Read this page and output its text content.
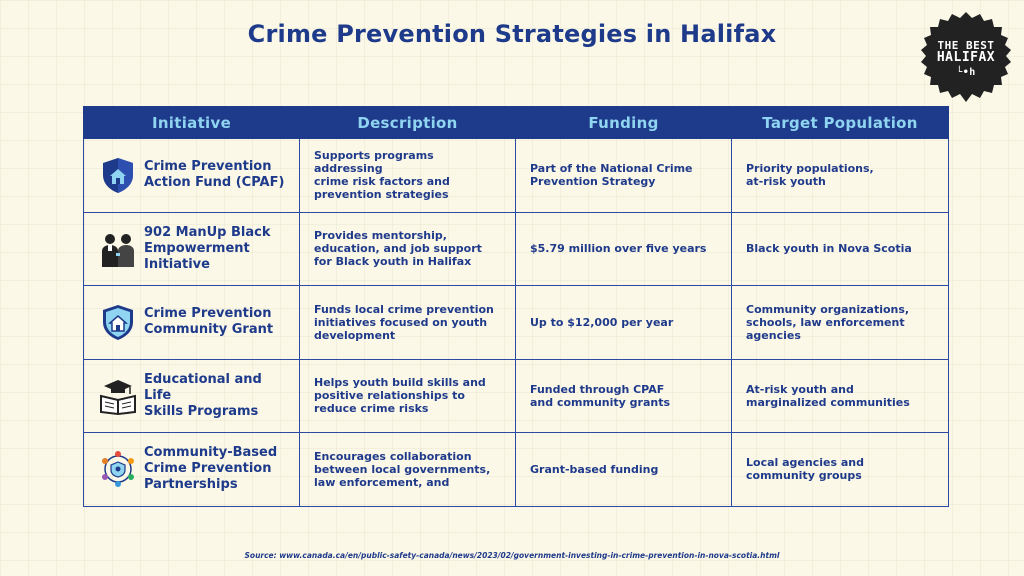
Crime Prevention Strategies in Halifax	THE BEST
HALIFAX
└•h
Initiative	Description	Funding	Target Population

Crime Prevention
Action Fund (CPAF)	Supports programs addressing
crime risk factors and
prevention strategies	Part of the National Crime
Prevention Strategy	Priority populations,
at-risk youth

902 ManUp Black
Empowerment
Initiative	Provides mentorship,
education, and job support
for Black youth in Halifax	$5.79 million over five years	Black youth in Nova Scotia

Crime Prevention
Community Grant	Funds local crime prevention
initiatives focused on youth
development	Up to $12,000 per year	Community organizations,
schools, law enforcement
agencies

Educational and Life
Skills Programs	Helps youth build skills and
positive relationships to
reduce crime risks	Funded through CPAF
and community grants	At-risk youth and
marginalized communities

Community-Based
Crime Prevention
Partnerships	Encourages collaboration
between local governments,
law enforcement, and	Grant-based funding	Local agencies and
community groups
Source: www.canada.ca/en/public-safety-canada/news/2023/02/government-investing-in-crime-prevention-in-nova-scotia.html
